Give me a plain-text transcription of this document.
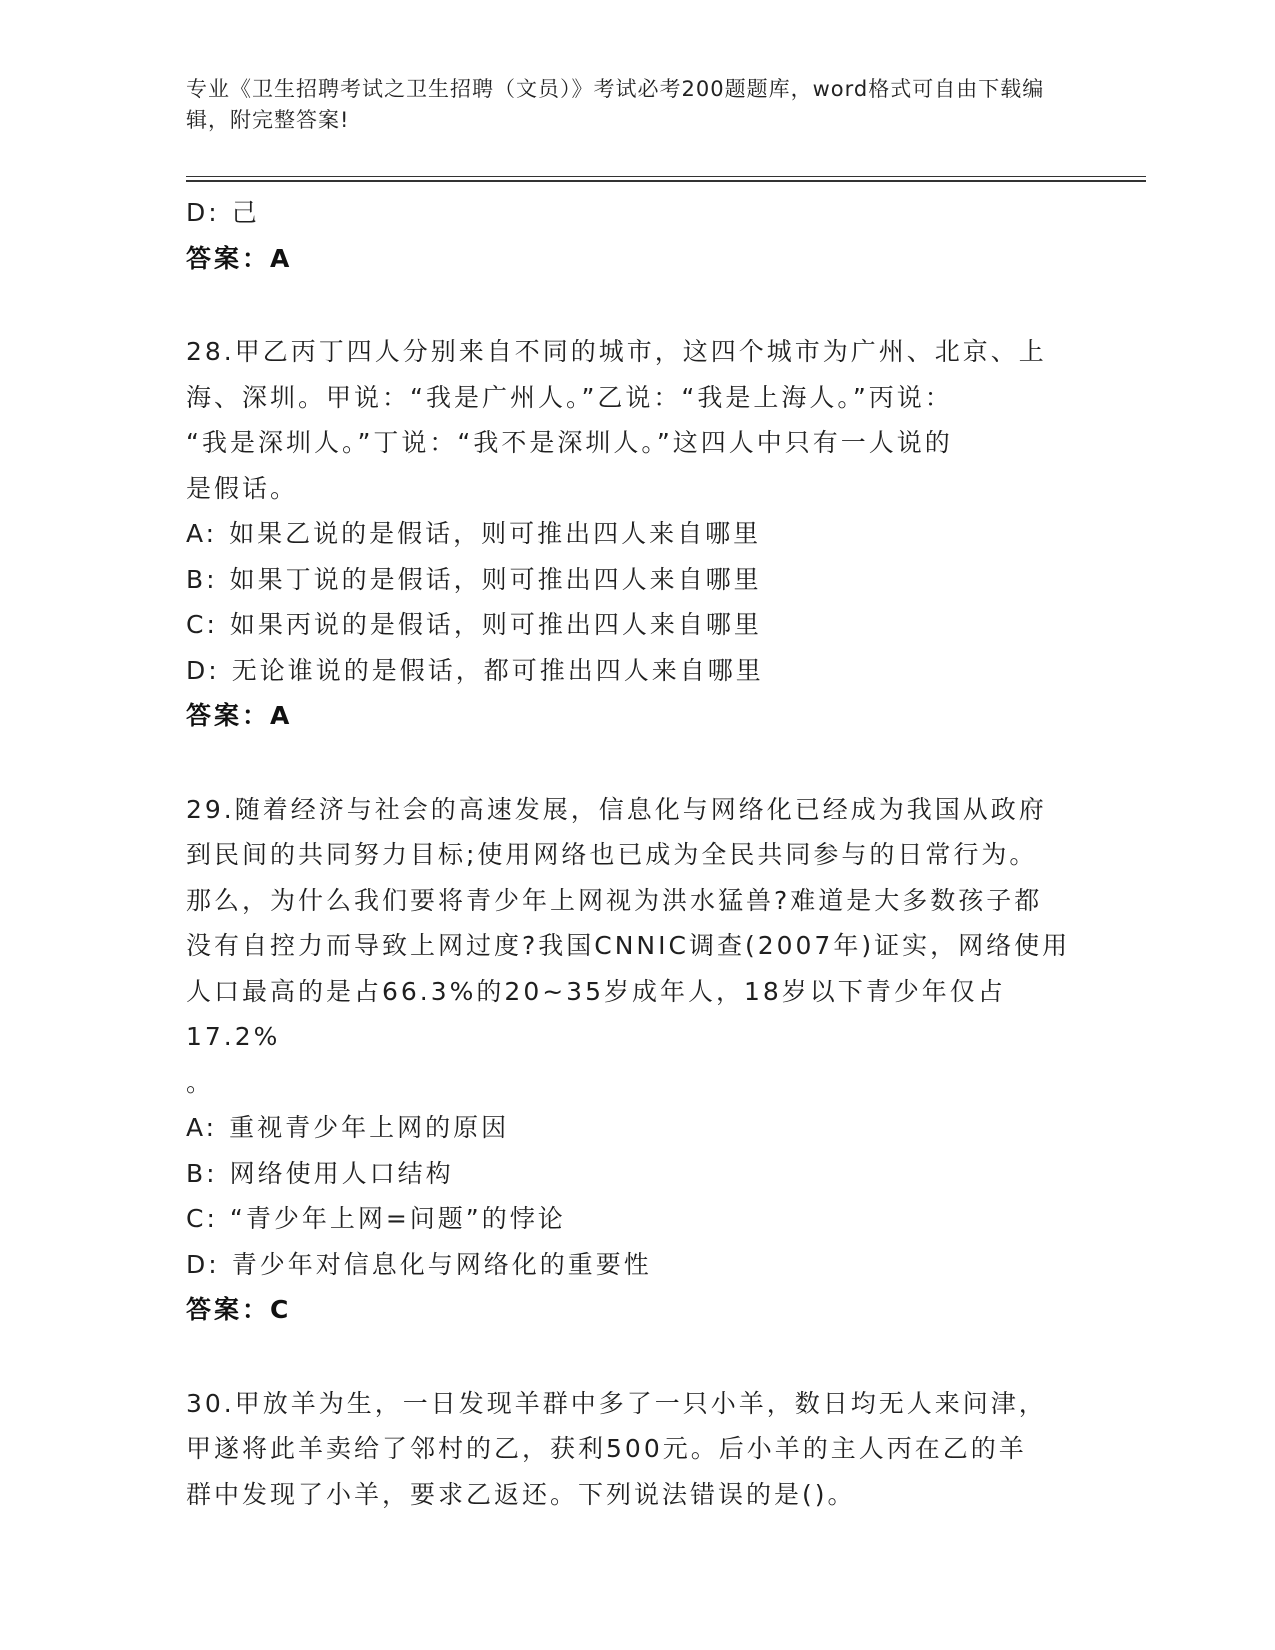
专业《卫生招聘考试之卫生招聘（文员）》考试必考200题题库，word格式可自由下载编辑，附完整答案!
D: 己
答案：A
28.甲乙丙丁四人分别来自不同的城市，这四个城市为广州、北京、上
海、深圳。甲说：“我是广州人。”乙说：“我是上海人。”丙说：
“我是深圳人。”丁说：“我不是深圳人。”这四人中只有一人说的
是假话。
A: 如果乙说的是假话，则可推出四人来自哪里
B: 如果丁说的是假话，则可推出四人来自哪里
C: 如果丙说的是假话，则可推出四人来自哪里
D: 无论谁说的是假话，都可推出四人来自哪里
答案：A
29.随着经济与社会的高速发展，信息化与网络化已经成为我国从政府
到民间的共同努力目标;使用网络也已成为全民共同参与的日常行为。
那么，为什么我们要将青少年上网视为洪水猛兽?难道是大多数孩子都
没有自控力而导致上网过度?我国CNNIC调查(2007年)证实，网络使用
人口最高的是占66.3%的20~35岁成年人，18岁以下青少年仅占17.2%
。
A: 重视青少年上网的原因
B: 网络使用人口结构
C: “青少年上网=问题”的悖论
D: 青少年对信息化与网络化的重要性
答案：C
30.甲放羊为生，一日发现羊群中多了一只小羊，数日均无人来问津，
甲遂将此羊卖给了邻村的乙，获利500元。后小羊的主人丙在乙的羊
群中发现了小羊，要求乙返还。下列说法错误的是()。
